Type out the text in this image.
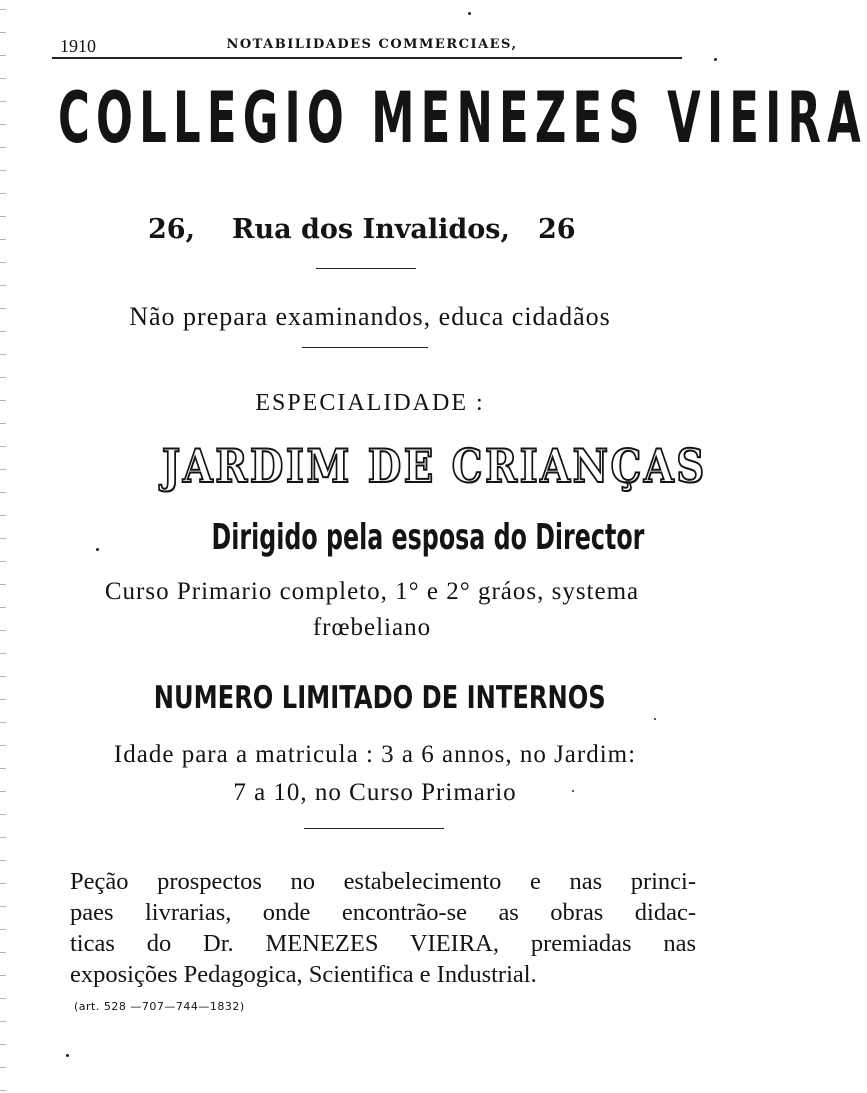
1910	NOTABILIDADES COMMERCIAES,
COLLEGIO MENEZES VIEIRA
26, Rua dos Invalidos, 26
Não prepara examinandos, educa cidadãos
ESPECIALIDADE :
JARDIM DE CRIANÇAS
Dirigido pela esposa do Director
Curso Primario completo, 1° e 2° gráos, systema
frœbeliano
NUMERO LIMITADO DE INTERNOS
Idade para a matricula : 3 a 6 annos, no Jardim:
7 a 10, no Curso Primario
Peção prospectos no estabelecimento e nas princi-
paes livrarias, onde encontrão-se as obras didac-
ticas do Dr. MENEZES VIEIRA, premiadas nas
exposições Pedagogica, Scientifica e Industrial.
(art. 528 —707—744—1832)
